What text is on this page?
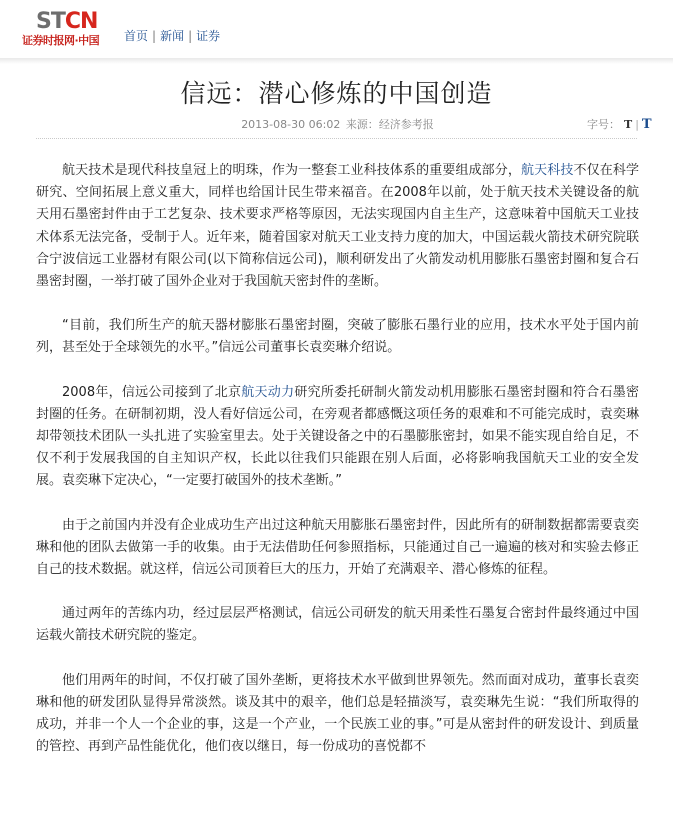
STCN
证券时报网·中国	首页 | 新闻 | 证券
信远：潜心修炼的中国创造
2013-08-30 06:02 来源：经济参考报	字号： T | T

航天技术是现代科技皇冠上的明珠，作为一整套工业科技体系的重要组成部分，航天科技不仅在科学研究、空间拓展上意义重大，同样也给国计民生带来福音。在2008年以前，处于航天技术关键设备的航天用石墨密封件由于工艺复杂、技术要求严格等原因，无法实现国内自主生产，这意味着中国航天工业技术体系无法完备，受制于人。近年来，随着国家对航天工业支持力度的加大，中国运载火箭技术研究院联合宁波信远工业器材有限公司(以下简称信远公司)，顺利研发出了火箭发动机用膨胀石墨密封圈和复合石墨密封圈，一举打破了国外企业对于我国航天密封件的垄断。

“目前，我们所生产的航天器材膨胀石墨密封圈，突破了膨胀石墨行业的应用，技术水平处于国内前列，甚至处于全球领先的水平。”信远公司董事长袁奕琳介绍说。

2008年，信远公司接到了北京航天动力研究所委托研制火箭发动机用膨胀石墨密封圈和符合石墨密封圈的任务。在研制初期，没人看好信远公司，在旁观者都感慨这项任务的艰难和不可能完成时，袁奕琳却带领技术团队一头扎进了实验室里去。处于关键设备之中的石墨膨胀密封，如果不能实现自给自足，不仅不利于发展我国的自主知识产权，长此以往我们只能跟在别人后面，必将影响我国航天工业的安全发展。袁奕琳下定决心，“一定要打破国外的技术垄断。”

由于之前国内并没有企业成功生产出过这种航天用膨胀石墨密封件，因此所有的研制数据都需要袁奕琳和他的团队去做第一手的收集。由于无法借助任何参照指标，只能通过自己一遍遍的核对和实验去修正自己的技术数据。就这样，信远公司顶着巨大的压力，开始了充满艰辛、潜心修炼的征程。

通过两年的苦练内功，经过层层严格测试，信远公司研发的航天用柔性石墨复合密封件最终通过中国运载火箭技术研究院的鉴定。

他们用两年的时间，不仅打破了国外垄断，更将技术水平做到世界领先。然而面对成功，董事长袁奕琳和他的研发团队显得异常淡然。谈及其中的艰辛，他们总是轻描淡写，袁奕琳先生说：“我们所取得的成功，并非一个人一个企业的事，这是一个产业，一个民族工业的事。”可是从密封件的研发设计、到质量的管控、再到产品性能优化，他们夜以继日，每一份成功的喜悦都不
